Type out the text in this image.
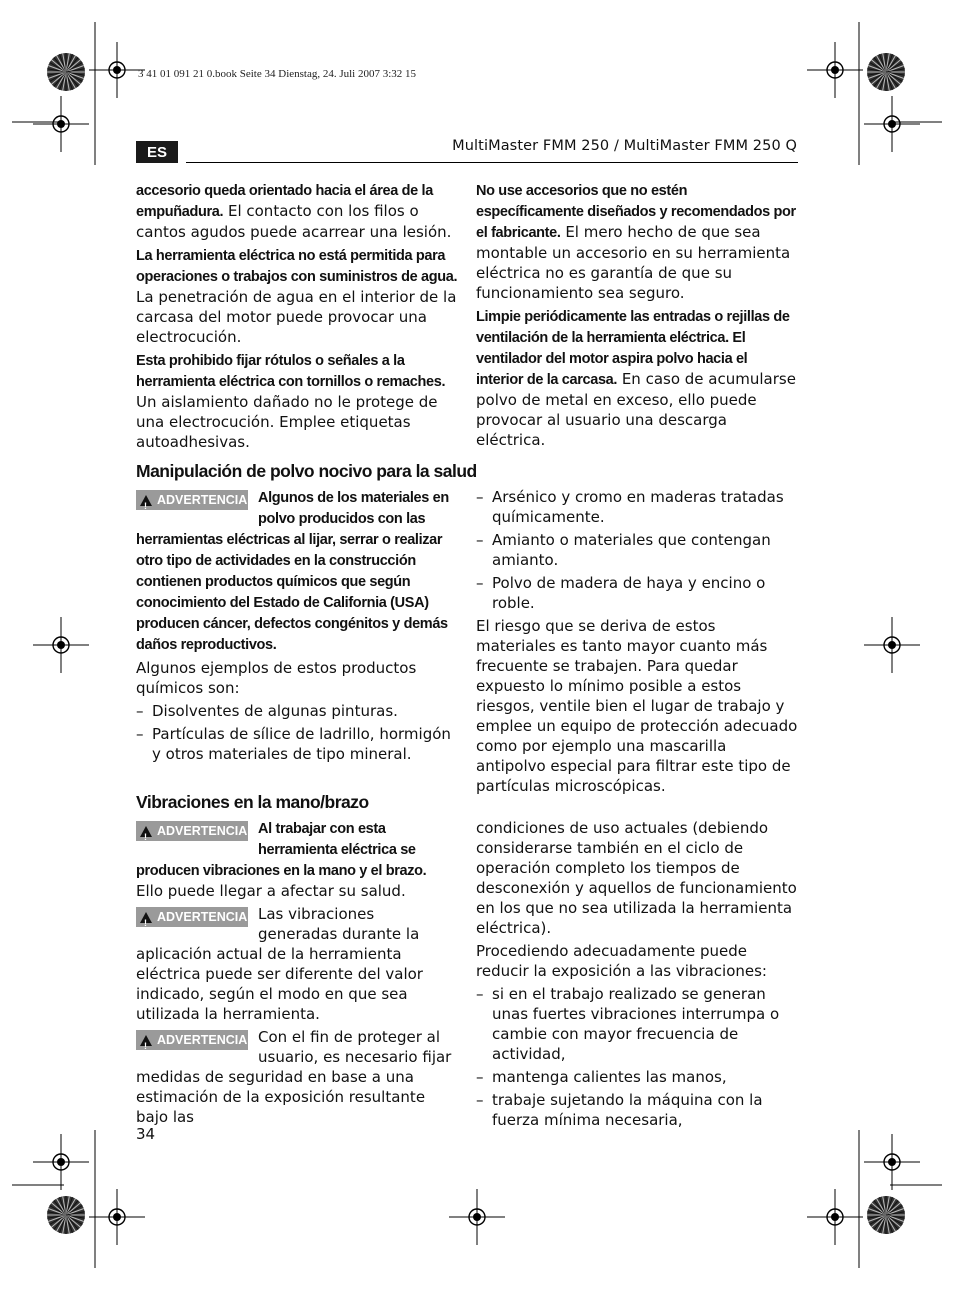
3 41 01 091 21 0.book Seite 34 Dienstag, 24. Juli 2007 3:32 15
ES	MultiMaster FMM 250 / MultiMaster FMM 250 Q

accesorio queda orientado hacia el área de la empuñadura. El contacto con los filos o cantos agudos puede acarrear una lesión.

La herramienta eléctrica no está permitida para operaciones o trabajos con suministros de agua. La penetración de agua en el interior de la carcasa del motor puede provocar una electrocución.

Esta prohibido fijar rótulos o señales a la herramienta eléctrica con tornillos o remaches. Un aislamiento dañado no le protege de una electrocución. Emplee etiquetas autoadhesivas.

No use accesorios que no estén específicamente diseñados y recomendados por el fabricante. El mero hecho de que sea montable un accesorio en su herramienta eléctrica no es garantía de que su funcionamiento sea seguro.

Limpie periódicamente las entradas o rejillas de ventilación de la herramienta eléctrica. El ventilador del motor aspira polvo hacia el interior de la carcasa. En caso de acumularse polvo de metal en exceso, ello puede provocar al usuario una descarga eléctrica.

Manipulación de polvo nocivo para la salud

!
ADVERTENCIA Algunos de los materiales en polvo producidos con las herramientas eléctricas al lijar, serrar o realizar otro tipo de actividades en la construcción contienen productos químicos que según conocimiento del Estado de California (USA) producen cáncer, defectos congénitos y demás daños reproductivos.

Algunos ejemplos de estos productos químicos son:

– Disolventes de algunas pinturas.
– Partículas de sílice de ladrillo, hormigón y otros materiales de tipo mineral.
– Arsénico y cromo en maderas tratadas químicamente.
– Amianto o materiales que contengan amianto.
– Polvo de madera de haya y encino o roble.

El riesgo que se deriva de estos materiales es tanto mayor cuanto más frecuente se trabajen. Para quedar expuesto lo mínimo posible a estos riesgos, ventile bien el lugar de trabajo y emplee un equipo de protección adecuado como por ejemplo una mascarilla antipolvo especial para filtrar este tipo de partículas microscópicas.

Vibraciones en la mano/brazo

!
ADVERTENCIA Al trabajar con esta herramienta eléctrica se producen vibraciones en la mano y el brazo. Ello puede llegar a afectar su salud.

!
ADVERTENCIA Las vibraciones generadas durante la aplicación actual de la herramienta eléctrica puede ser diferente del valor indicado, según el modo en que sea utilizada la herramienta.

!
ADVERTENCIA Con el fin de proteger al usuario, es necesario fijar medidas de seguridad en base a una estimación de la exposición resultante bajo las

condiciones de uso actuales (debiendo considerarse también en el ciclo de operación completo los tiempos de desconexión y aquellos de funcionamiento en los que no sea utilizada la herramienta eléctrica).

Procediendo adecuadamente puede reducir la exposición a las vibraciones:

– si en el trabajo realizado se generan unas fuertes vibraciones interrumpa o cambie con mayor frecuencia de actividad,
– mantenga calientes las manos,
– trabaje sujetando la máquina con la fuerza mínima necesaria,
34
